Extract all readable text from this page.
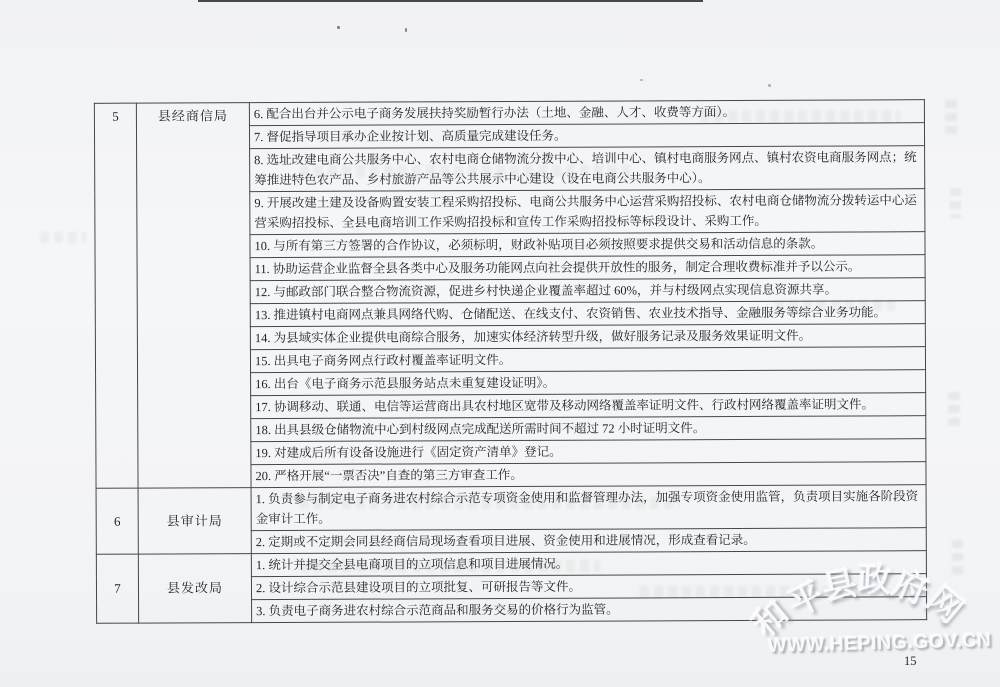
5	县经商信局	6. 配合出台并公示电子商务发展扶持奖励暂行办法（土地、金融、人才、收费等方面）。
		7. 督促指导项目承办企业按计划、高质量完成建设任务。
		8. 选址改建电商公共服务中心、农村电商仓储物流分拨中心、培训中心、镇村电商服务网点、镇村农资电商服务网点；统筹推进特色农产品、乡村旅游产品等公共展示中心建设（设在电商公共服务中心）。
		9. 开展改建土建及设备购置安装工程采购招投标、电商公共服务中心运营采购招投标、农村电商仓储物流分拨转运中心运营采购招投标、全县电商培训工作采购招投标和宣传工作采购招投标等标段设计、采购工作。
		10. 与所有第三方签署的合作协议，必须标明，财政补贴项目必须按照要求提供交易和活动信息的条款。
		11. 协助运营企业监督全县各类中心及服务功能网点向社会提供开放性的服务，制定合理收费标准并予以公示。
		12. 与邮政部门联合整合物流资源，促进乡村快递企业覆盖率超过 60%，并与村级网点实现信息资源共享。
		13. 推进镇村电商网点兼具网络代购、仓储配送、在线支付、农资销售、农业技术指导、金融服务等综合业务功能。
		14. 为县域实体企业提供电商综合服务，加速实体经济转型升级，做好服务记录及服务效果证明文件。
		15. 出具电子商务网点行政村覆盖率证明文件。
		16. 出台《电子商务示范县服务站点未重复建设证明》。
		17. 协调移动、联通、电信等运营商出具农村地区宽带及移动网络覆盖率证明文件、行政村网络覆盖率证明文件。
		18. 出具县级仓储物流中心到村级网点完成配送所需时间不超过 72 小时证明文件。
		19. 对建成后所有设备设施进行《固定资产清单》登记。
		20. 严格开展“一票否决”自查的第三方审查工作。
6	县审计局	1. 负责参与制定电子商务进农村综合示范专项资金使用和监督管理办法，加强专项资金使用监管，负责项目实施各阶段资金审计工作。
		2. 定期或不定期会同县经商信局现场查看项目进展、资金使用和进展情况，形成查看记录。
7	县发改局	1. 统计并提交全县电商项目的立项信息和项目进展情况。
		2. 设计综合示范县建设项目的立项批复、可研报告等文件。
		3. 负责电子商务进农村综合示范商品和服务交易的价格行为监管。	和
平
县
政
府
网
WWW.HEPING.GOV.CN
15
